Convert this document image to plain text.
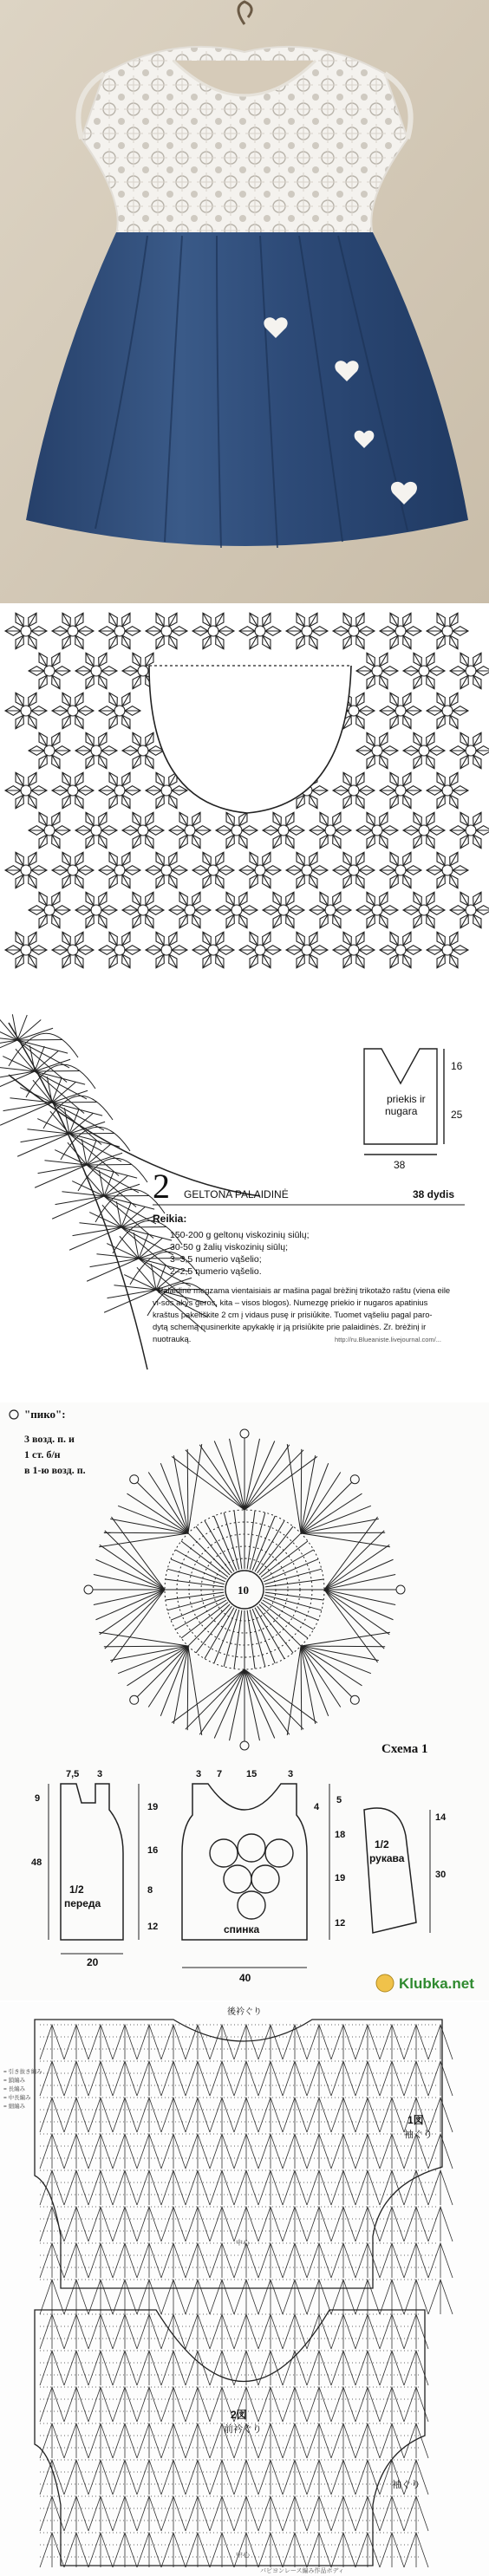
priekis ir
nugara
16
25
38
2 GELTONA PALAIDINĖ	38 dydis
Reikia:
150-200 g geltonų viskozinių siūlų;
30-50 g žalių viskozinių siūlų;
3–3,5 numerio vąšelio;
2–2,5 numerio vąšelio.
Palaidinė megzama vientaisiais ar mašina pagal brėžinį trikotažo raštu (viena eile
vi-sos akys geros, kita – visos blogos). Numezgę priekio ir nugaros apatinius
kraštus pakeliškite 2 cm į vidaus pusę ir prisiūkite. Tuomet vąšeliu pagal paro-
dytą schemą nusinerkite apykaklę ir ją prisiūkite prie palaidinės. Zr. brėžinį ir
nuotrauką.	http://ru.Blueaniste.livejournal.com/...
"пико":
3 возд. п. и
1 ст. б/н
в 1-ю возд. п.
10
Схема 1
1/2
переда
спинка
1/2
рукава
7,5 3
9
48
19
16
8
12
3 7	15	3
4
40
20
14
30
5
18
19
12
Klubka.net
後衿ぐり
1図
袖ぐり
2図
前衿ぐり
袖ぐり
中心
中心
= 引き抜き編み
= 鎖編み
= 長編み
= 中長編み
= 細編み
パピヨンレース編み作品ボディ
